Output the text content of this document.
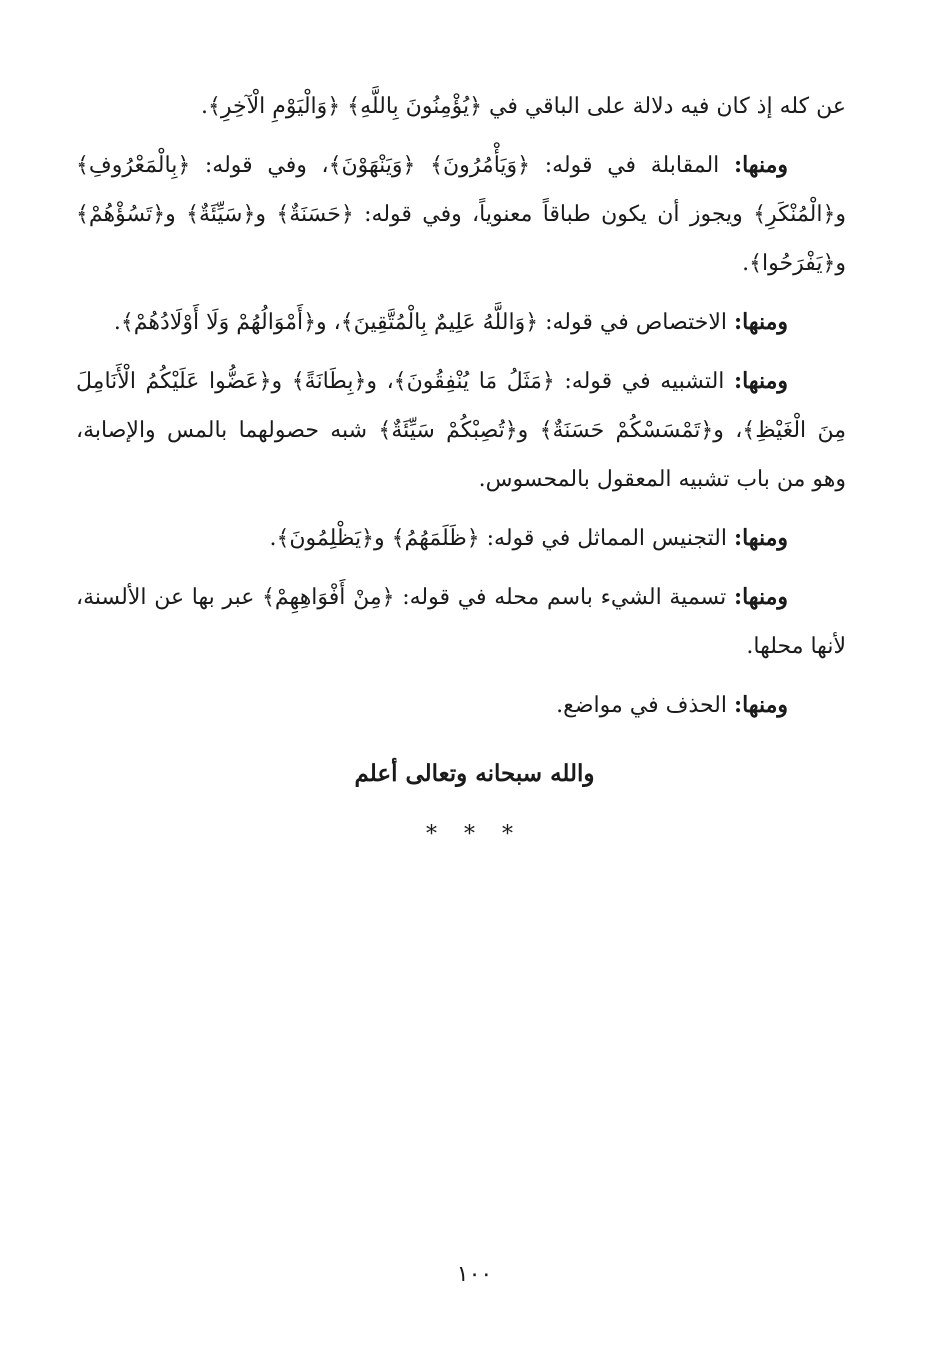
عن كله إذ كان فيه دلالة على الباقي في ﴿يُؤْمِنُونَ بِاللَّهِ﴾ ﴿وَالْيَوْمِ الْآخِرِ﴾.

ومنها: المقابلة في قوله: ﴿وَيَأْمُرُونَ﴾ ﴿وَيَنْهَوْنَ﴾، وفي قوله: ﴿بِالْمَعْرُوفِ﴾ و﴿الْمُنْكَرِ﴾ ويجوز أن يكون طباقاً معنوياً، وفي قوله: ﴿حَسَنَةٌ﴾ و﴿سَيِّئَةٌ﴾ و﴿تَسُؤْهُمْ﴾ و﴿يَفْرَحُوا﴾.

ومنها: الاختصاص في قوله: ﴿وَاللَّهُ عَلِيمٌ بِالْمُتَّقِينَ﴾، و﴿أَمْوَالُهُمْ وَلَا أَوْلَادُهُمْ﴾.

ومنها: التشبيه في قوله: ﴿مَثَلُ مَا يُنْفِقُونَ﴾، و﴿بِطَانَةً﴾ و﴿عَضُّوا عَلَيْكُمُ الْأَنَامِلَ مِنَ الْغَيْظِ﴾، و﴿تَمْسَسْكُمْ حَسَنَةٌ﴾ و﴿تُصِبْكُمْ سَيِّئَةٌ﴾ شبه حصولهما بالمس والإصابة، وهو من باب تشبيه المعقول بالمحسوس.

ومنها: التجنيس المماثل في قوله: ﴿ظَلَمَهُمُ﴾ و﴿يَظْلِمُونَ﴾.

ومنها: تسمية الشيء باسم محله في قوله: ﴿مِنْ أَفْوَاهِهِمْ﴾ عبر بها عن الألسنة، لأنها محلها.

ومنها: الحذف في مواضع.

والله سبحانه وتعالى أعلم
* * *
١٠٠
